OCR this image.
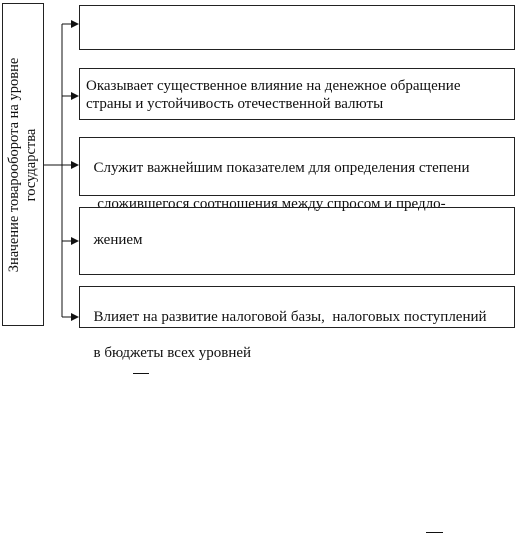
Значение товарооборота на уровне
государства
Оказывает существенное влияние на денежное обращение
страны и устойчивость отечественной валюты

Служит важнейшим показателем для определения степени

сложившегося соотношения между спросом и предло-

жением

Влияет на развитие налоговой базы,  налоговых поступлений

в бюджеты всех уровней
